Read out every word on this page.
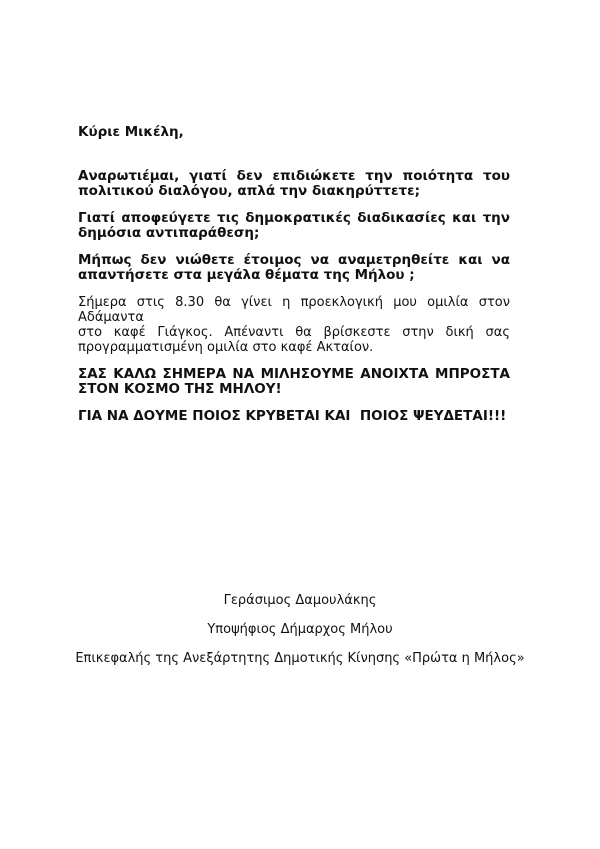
Κύριε Μικέλη,

Αναρωτιέμαι, γιατί δεν επιδιώκετε την ποιότητα του
πολιτικού διαλόγου, απλά την διακηρύττετε;
Γιατί αποφεύγετε τις δημοκρατικές διαδικασίες και την
δημόσια αντιπαράθεση;
Μήπως δεν νιώθετε έτοιμος να αναμετρηθείτε και να
απαντήσετε στα μεγάλα θέματα της Μήλου ;
Σήμερα στις 8.30 θα γίνει η προεκλογική μου ομιλία στον Αδάμαντα
στο καφέ Γιάγκος. Απέναντι θα βρίσκεστε στην δική σας
προγραμματισμένη ομιλία στο καφέ Ακταίον.
ΣΑΣ ΚΑΛΩ ΣΗΜΕΡΑ ΝΑ ΜΙΛΗΣΟΥΜΕ ΑΝΟΙΧΤΑ ΜΠΡΟΣΤΑ
ΣΤΟΝ ΚΟΣΜΟ ΤΗΣ ΜΗΛΟΥ!
ΓΙΑ ΝΑ ΔΟΥΜΕ ΠΟΙΟΣ ΚΡΥΒΕΤΑΙ ΚΑΙ  ΠΟΙΟΣ ΨΕΥΔΕΤΑΙ!!!
Γεράσιμος Δαμουλάκης
Υποψήφιος Δήμαρχος Μήλου
Επικεφαλής της Ανεξάρτητης Δημοτικής Κίνησης «Πρώτα η Μήλος»
